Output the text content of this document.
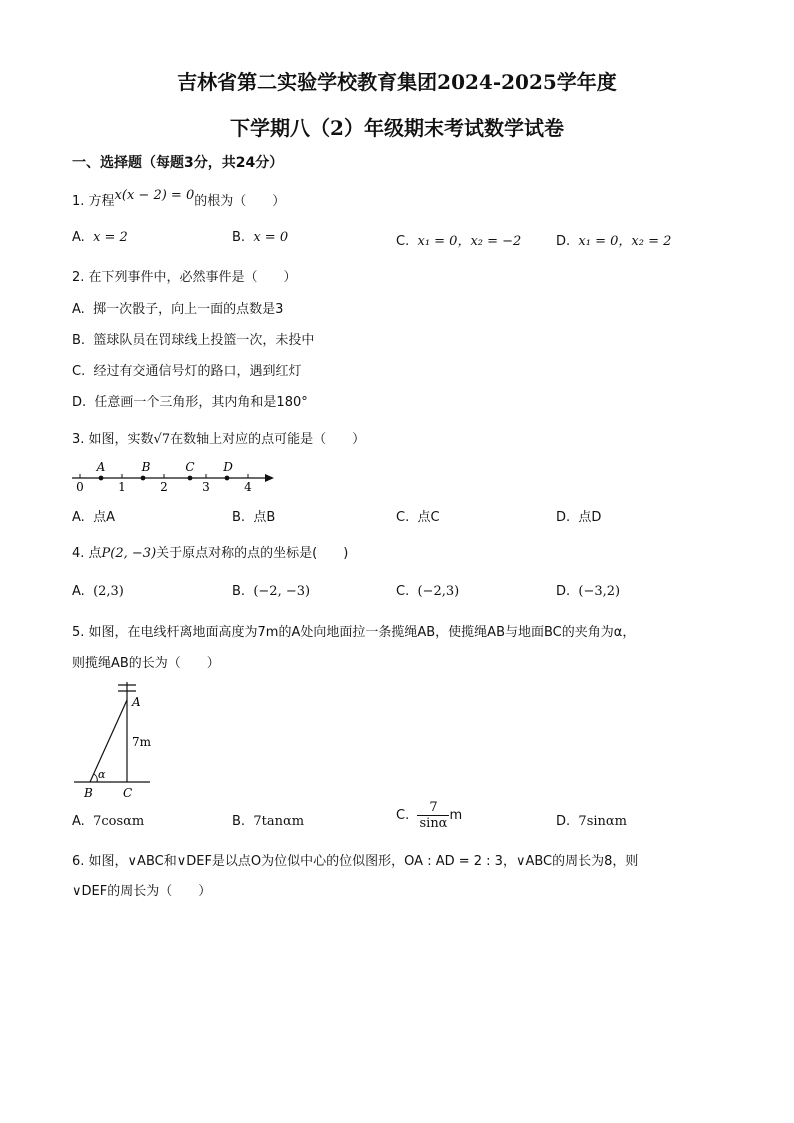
吉林省第二实验学校教育集团2024-2025学年度
下学期八（2）年级期末考试数学试卷
一、选择题（每题3分，共24分）
1. 方程x(x − 2) = 0的根为（　　）
A. x = 2	B. x = 0	C. x₁ = 0，x₂ = −2	D. x₁ = 0，x₂ = 2
2. 在下列事件中，必然事件是（　　）
A. 掷一次骰子，向上一面的点数是3
B. 篮球队员在罚球线上投篮一次，未投中
C. 经过有交通信号灯的路口，遇到红灯
D. 任意画一个三角形，其内角和是180°
3. 如图，实数√7在数轴上对应的点可能是（　　）
0	1	2	3	4
A	B	C D
A. 点A	B. 点B	C. 点C	D. 点D
4. 点P(2, −3)关于原点对称的点的坐标是(　　)
A. (2,3)	B. (−2, −3)	C. (−2,3)	D. (−3,2)
5. 如图，在电线杆离地面高度为7m的A处向地面拉一条揽绳AB，使揽绳AB与地面BC的夹角为α，
则揽绳AB的长为（　　）
A
7m
α
B	C
A. 7cosαm	B. 7tanαm	C. $\frac{7}{\sin\alpha}$ m	D. 7sinαm
6. 如图，∨ABC和∨DEF是以点O为位似中心的位似图形，OA : AD = 2 : 3，∨ABC的周长为8，则
∨DEF的周长为（　　）
